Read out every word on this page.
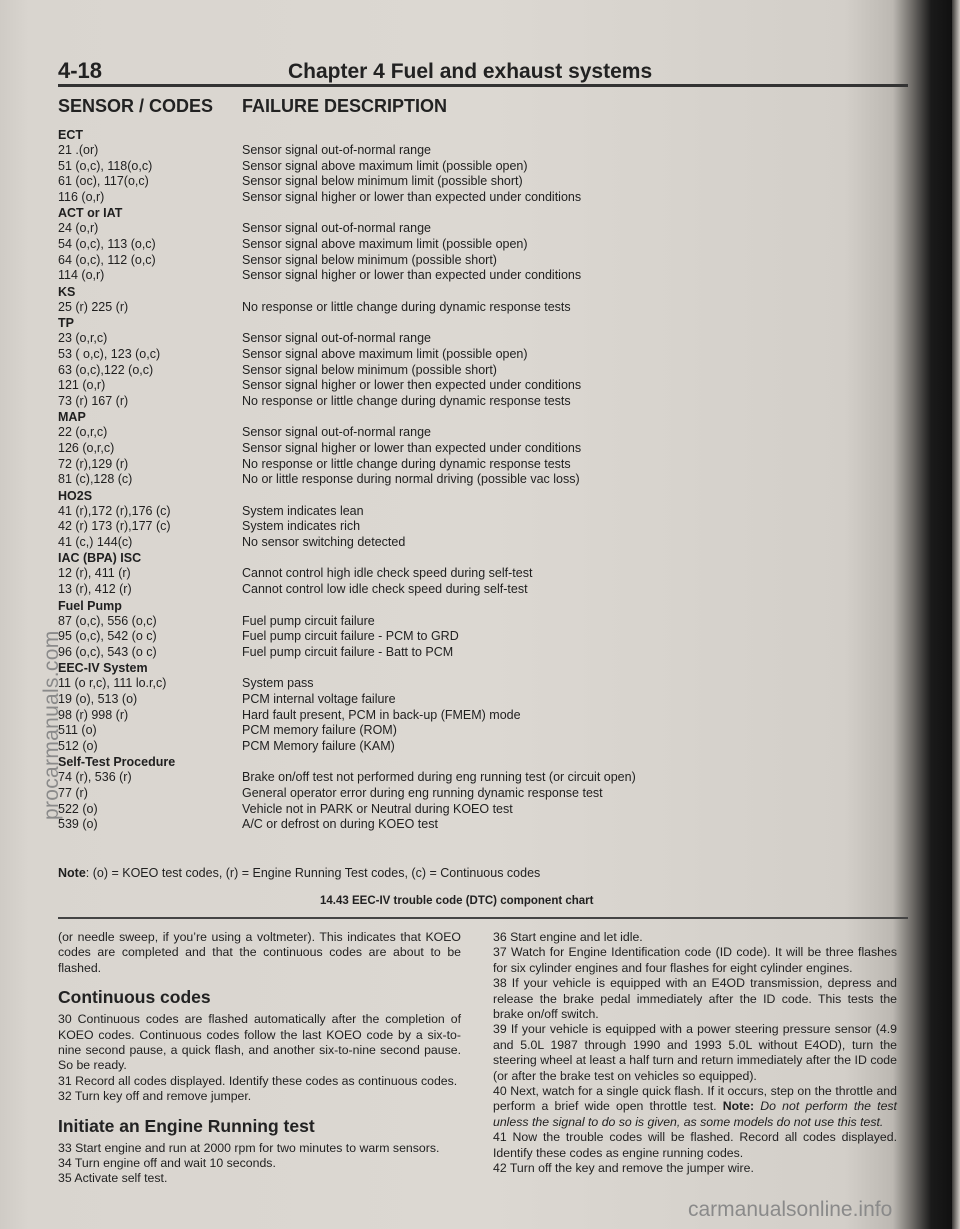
4-18	Chapter 4 Fuel and exhaust systems
SENSOR / CODES FAILURE DESCRIPTION
ECT
21 .(or)	Sensor signal out-of-normal range
51 (o,c), 118(o,c)	Sensor signal above maximum limit (possible open)
61 (oc), 117(o,c)	Sensor signal below minimum limit (possible short)
116 (o,r)	Sensor signal higher or lower than expected under conditions
ACT or IAT
24 (o,r)	Sensor signal out-of-normal range
54 (o,c), 113 (o,c)	Sensor signal above maximum limit (possible open)
64 (o,c), 112 (o,c)	Sensor signal below minimum (possible short)
114 (o,r)	Sensor signal higher or lower than expected under conditions
KS
25 (r) 225 (r)	No response or little change during dynamic response tests
TP
23 (o,r,c)	Sensor signal out-of-normal range
53 ( o,c), 123 (o,c)	Sensor signal above maximum limit (possible open)
63 (o,c),122 (o,c)	Sensor signal below minimum (possible short)
121 (o,r)	Sensor signal higher or lower then expected under conditions
73 (r) 167 (r)	No response or little change during dynamic response tests
MAP
22 (o,r,c)	Sensor signal out-of-normal range
126 (o,r,c)	Sensor signal higher or lower than expected under conditions
72 (r),129 (r)	No response or little change during dynamic response tests
81 (c),128 (c)	No or little response during normal driving (possible vac loss)
HO2S
41 (r),172 (r),176 (c)	System indicates lean
42 (r) 173 (r),177 (c)	System indicates rich
41 (c,) 144(c)	No sensor switching detected
IAC (BPA) ISC
12 (r), 411 (r)	Cannot control high idle check speed during self-test
13 (r), 412 (r)	Cannot control low idle check speed during self-test
Fuel Pump
87 (o,c), 556 (o,c)	Fuel pump circuit failure
95 (o,c), 542 (o c)	Fuel pump circuit failure - PCM to GRD
96 (o,c), 543 (o c)	Fuel pump circuit failure - Batt to PCM
EEC-IV System
11 (o r,c), 111 lo.r,c)	System pass
19 (o), 513 (o)	PCM internal voltage failure
98 (r) 998 (r)	Hard fault present, PCM in back-up (FMEM) mode
511 (o)	PCM memory failure (ROM)
512 (o)	PCM Memory failure (KAM)
Self-Test Procedure
74 (r), 536 (r)	Brake on/off test not performed during eng running test (or circuit open)
77 (r)	General operator error during eng running dynamic response test
522 (o)	Vehicle not in PARK or Neutral during KOEO test
539 (o)	A/C or defrost on during KOEO test
Note: (o) = KOEO test codes, (r) = Engine Running Test codes, (c) = Continuous codes
14.43 EEC-IV trouble code (DTC) component chart

(or needle sweep, if you’re using a voltmeter). This indicates that KOEO codes are completed and that the continuous codes are about to be flashed.

Continuous codes

30 Continuous codes are flashed automatically after the completion of KOEO codes. Continuous codes follow the last KOEO code by a six-to-nine second pause, a quick flash, and another six-to-nine second pause. So be ready.

31 Record all codes displayed. Identify these codes as continuous codes.

32 Turn key off and remove jumper.

Initiate an Engine Running test

33 Start engine and run at 2000 rpm for two minutes to warm sensors.

34 Turn engine off and wait 10 seconds.

35 Activate self test.

36 Start engine and let idle.

37 Watch for Engine Identification code (ID code). It will be three flashes for six cylinder engines and four flashes for eight cylinder engines.

38 If your vehicle is equipped with an E4OD transmission, depress and release the brake pedal immediately after the ID code. This tests the brake on/off switch.

39 If your vehicle is equipped with a power steering pressure sensor (4.9 and 5.0L 1987 through 1990 and 1993 5.0L without E4OD), turn the steering wheel at least a half turn and return immediately after the ID code (or after the brake test on vehicles so equipped).

40 Next, watch for a single quick flash. If it occurs, step on the throttle and perform a brief wide open throttle test. Note: Do not perform the test unless the signal to do so is given, as some models do not use this test.

41 Now the trouble codes will be flashed. Record all codes displayed. Identify these codes as engine running codes.

42 Turn off the key and remove the jumper wire.

procarmanuals.com
carmanualsonline.info
